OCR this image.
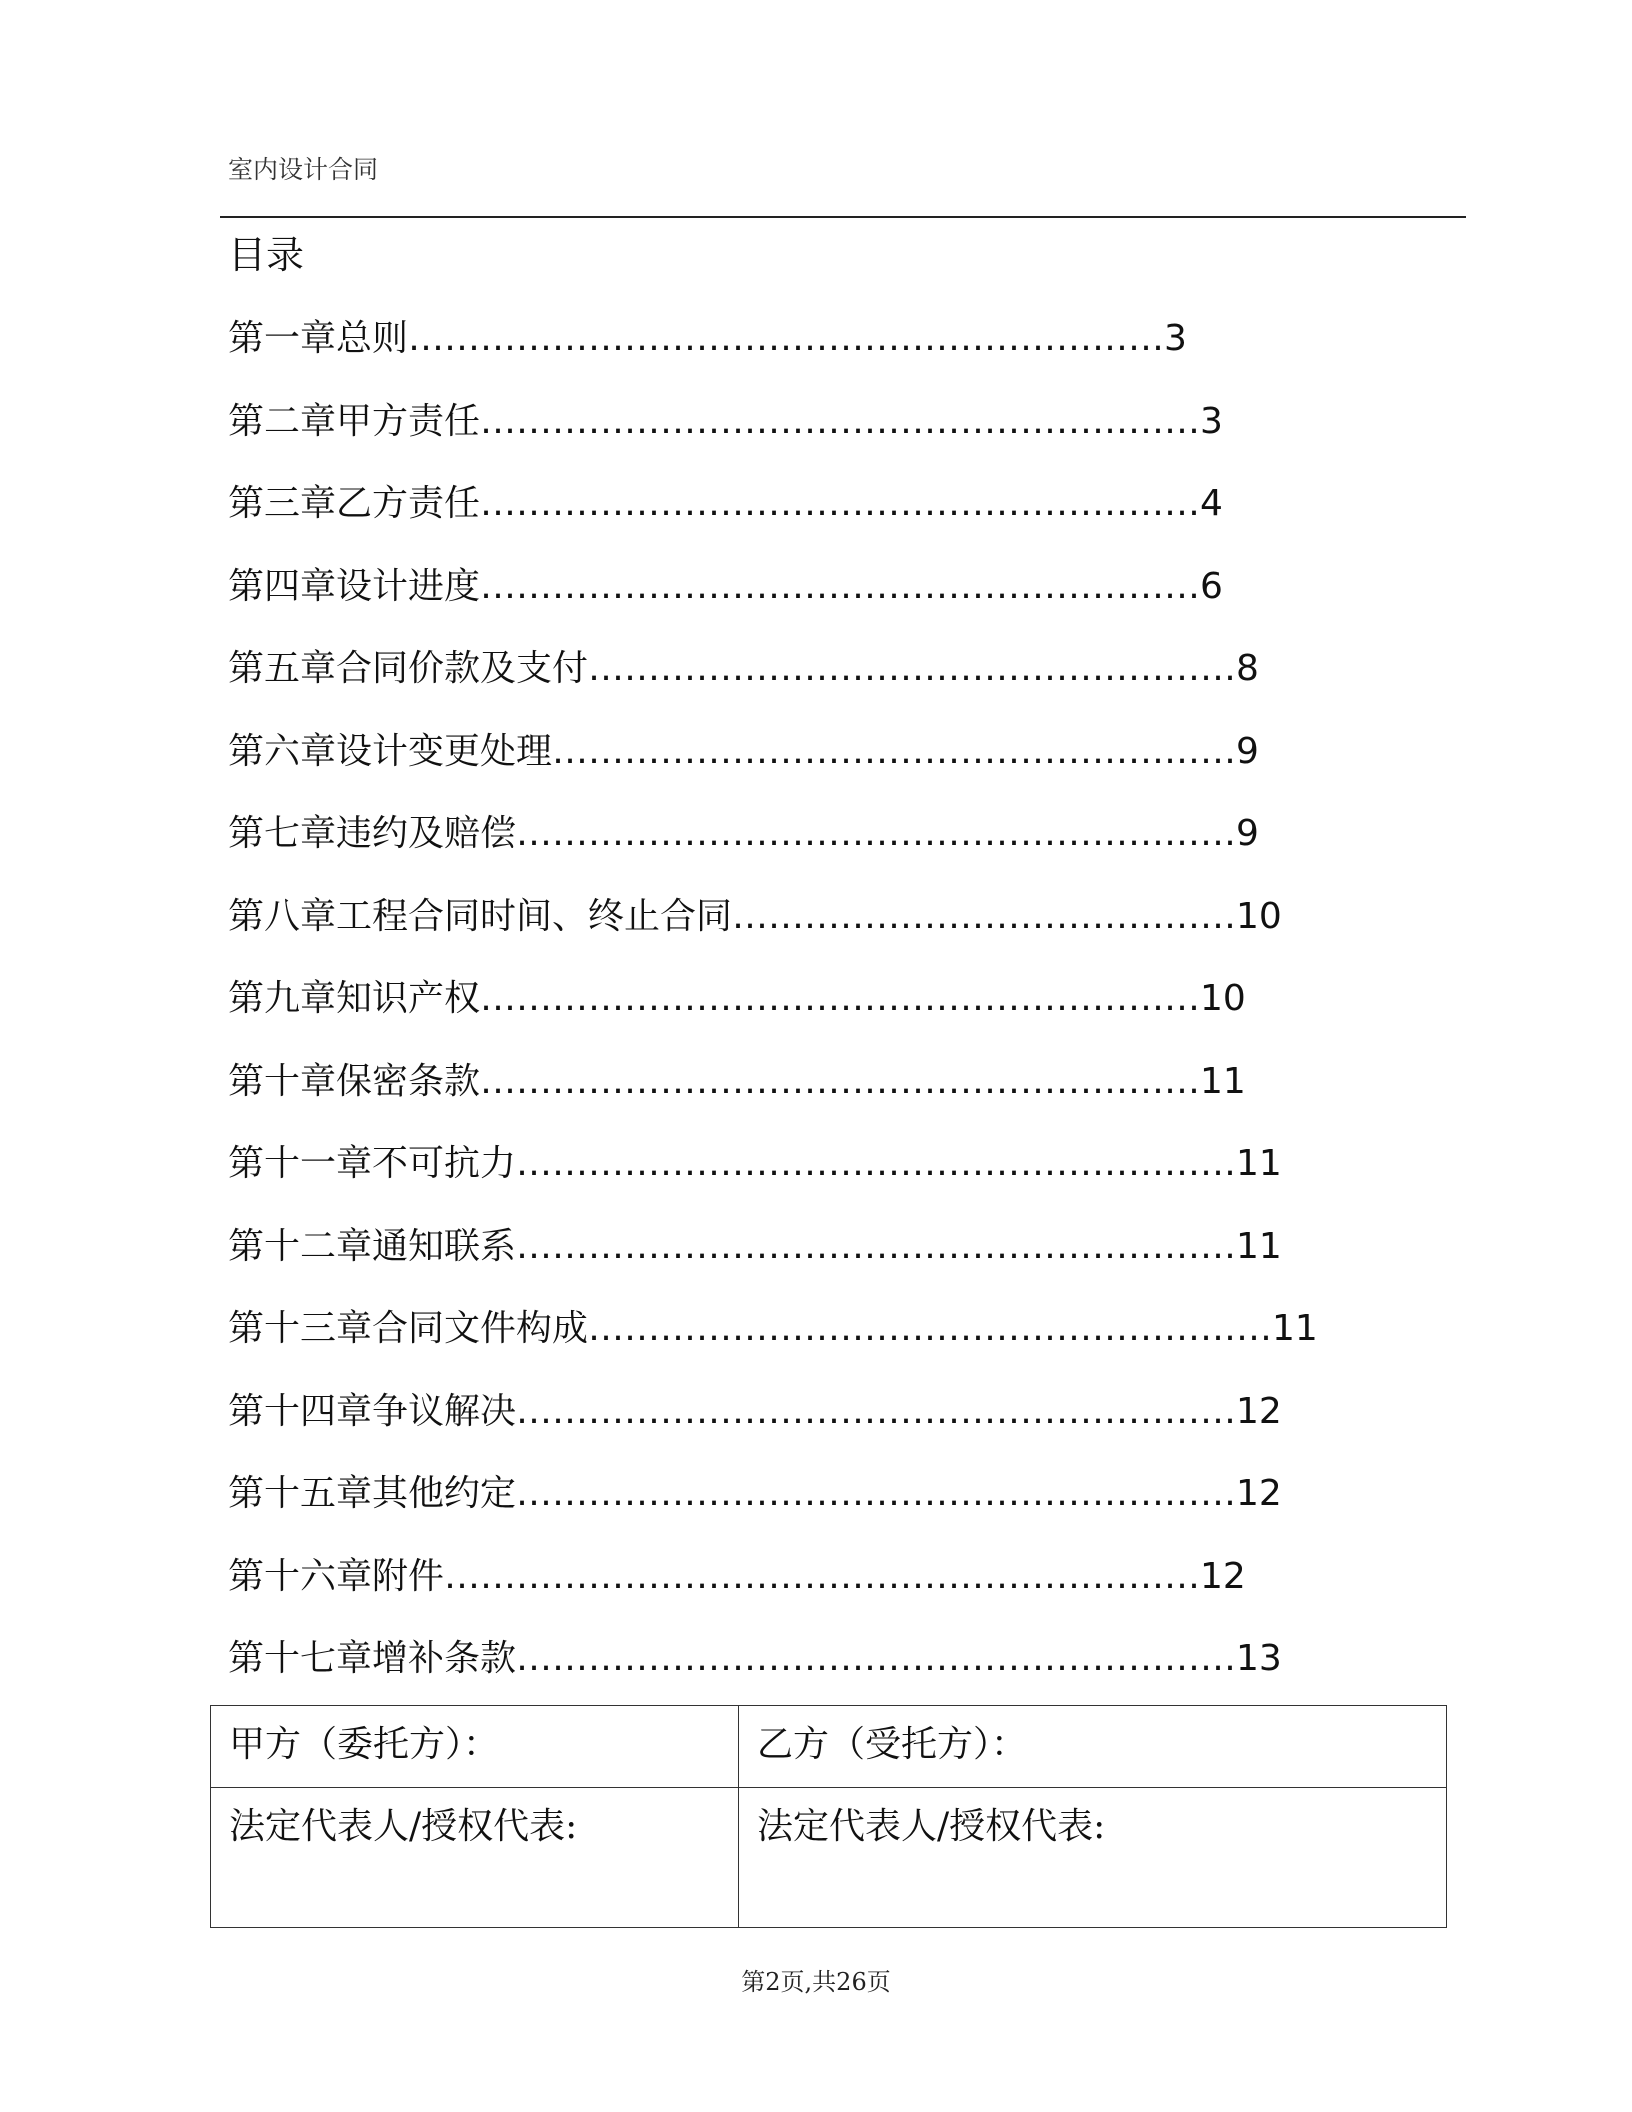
室内设计合同
目录
第一章总则………………………………………………………3
第二章甲方责任……………………………………………………3
第三章乙方责任……………………………………………………4
第四章设计进度……………………………………………………6
第五章合同价款及支付………………………………………………8
第六章设计变更处理…………………………………………………9
第七章违约及赔偿……………………………………………………9
第八章工程合同时间、终止合同……………………………………10
第九章知识产权……………………………………………………10
第十章保密条款……………………………………………………11
第十一章不可抗力……………………………………………………11
第十二章通知联系……………………………………………………11
第十三章合同文件构成…………………………………………………11
第十四章争议解决……………………………………………………12
第十五章其他约定……………………………………………………12
第十六章附件………………………………………………………12
第十七章增补条款……………………………………………………13
甲方（委托方）：	乙方（受托方）：
法定代表人/授权代表:	法定代表人/授权代表:
第2页,共26页
